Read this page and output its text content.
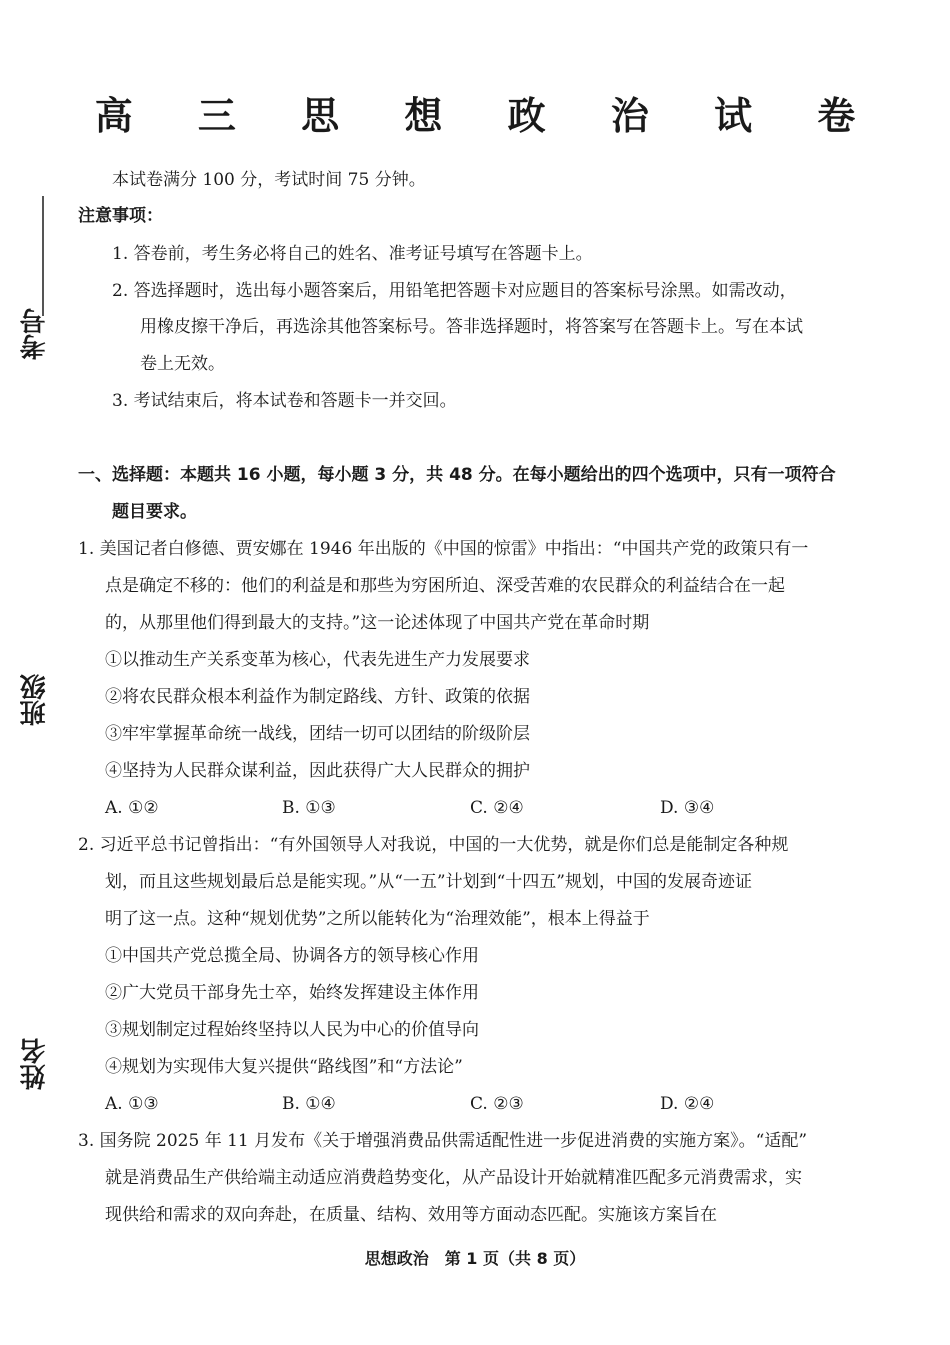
高 三 思 想 政 治 试 卷
考号
班级
姓名
本试卷满分 100 分，考试时间 75 分钟。
注意事项：
1. 答卷前，考生务必将自己的姓名、准考证号填写在答题卡上。
2. 答选择题时，选出每小题答案后，用铅笔把答题卡对应题目的答案标号涂黑。如需改动，
用橡皮擦干净后，再选涂其他答案标号。答非选择题时，将答案写在答题卡上。写在本试
卷上无效。
3. 考试结束后，将本试卷和答题卡一并交回。
一、选择题：本题共 16 小题，每小题 3 分，共 48 分。在每小题给出的四个选项中，只有一项符合
题目要求。
1. 美国记者白修德、贾安娜在 1946 年出版的《中国的惊雷》中指出：“中国共产党的政策只有一
点是确定不移的：他们的利益是和那些为穷困所迫、深受苦难的农民群众的利益结合在一起
的，从那里他们得到最大的支持。”这一论述体现了中国共产党在革命时期
①以推动生产关系变革为核心，代表先进生产力发展要求
②将农民群众根本利益作为制定路线、方针、政策的依据
③牢牢掌握革命统一战线，团结一切可以团结的阶级阶层
④坚持为人民群众谋利益，因此获得广大人民群众的拥护
A. ①②	B. ①③	C. ②④	D. ③④
2. 习近平总书记曾指出：“有外国领导人对我说，中国的一大优势，就是你们总是能制定各种规
划，而且这些规划最后总是能实现。”从“一五”计划到“十四五”规划，中国的发展奇迹证
明了这一点。这种“规划优势”之所以能转化为“治理效能”，根本上得益于
①中国共产党总揽全局、协调各方的领导核心作用
②广大党员干部身先士卒，始终发挥建设主体作用
③规划制定过程始终坚持以人民为中心的价值导向
④规划为实现伟大复兴提供“路线图”和“方法论”
A. ①③	B. ①④	C. ②③	D. ②④
3. 国务院 2025 年 11 月发布《关于增强消费品供需适配性进一步促进消费的实施方案》。“适配”
就是消费品生产供给端主动适应消费趋势变化，从产品设计开始就精准匹配多元消费需求，实
现供给和需求的双向奔赴，在质量、结构、效用等方面动态匹配。实施该方案旨在
思想政治　第 1 页（共 8 页）
